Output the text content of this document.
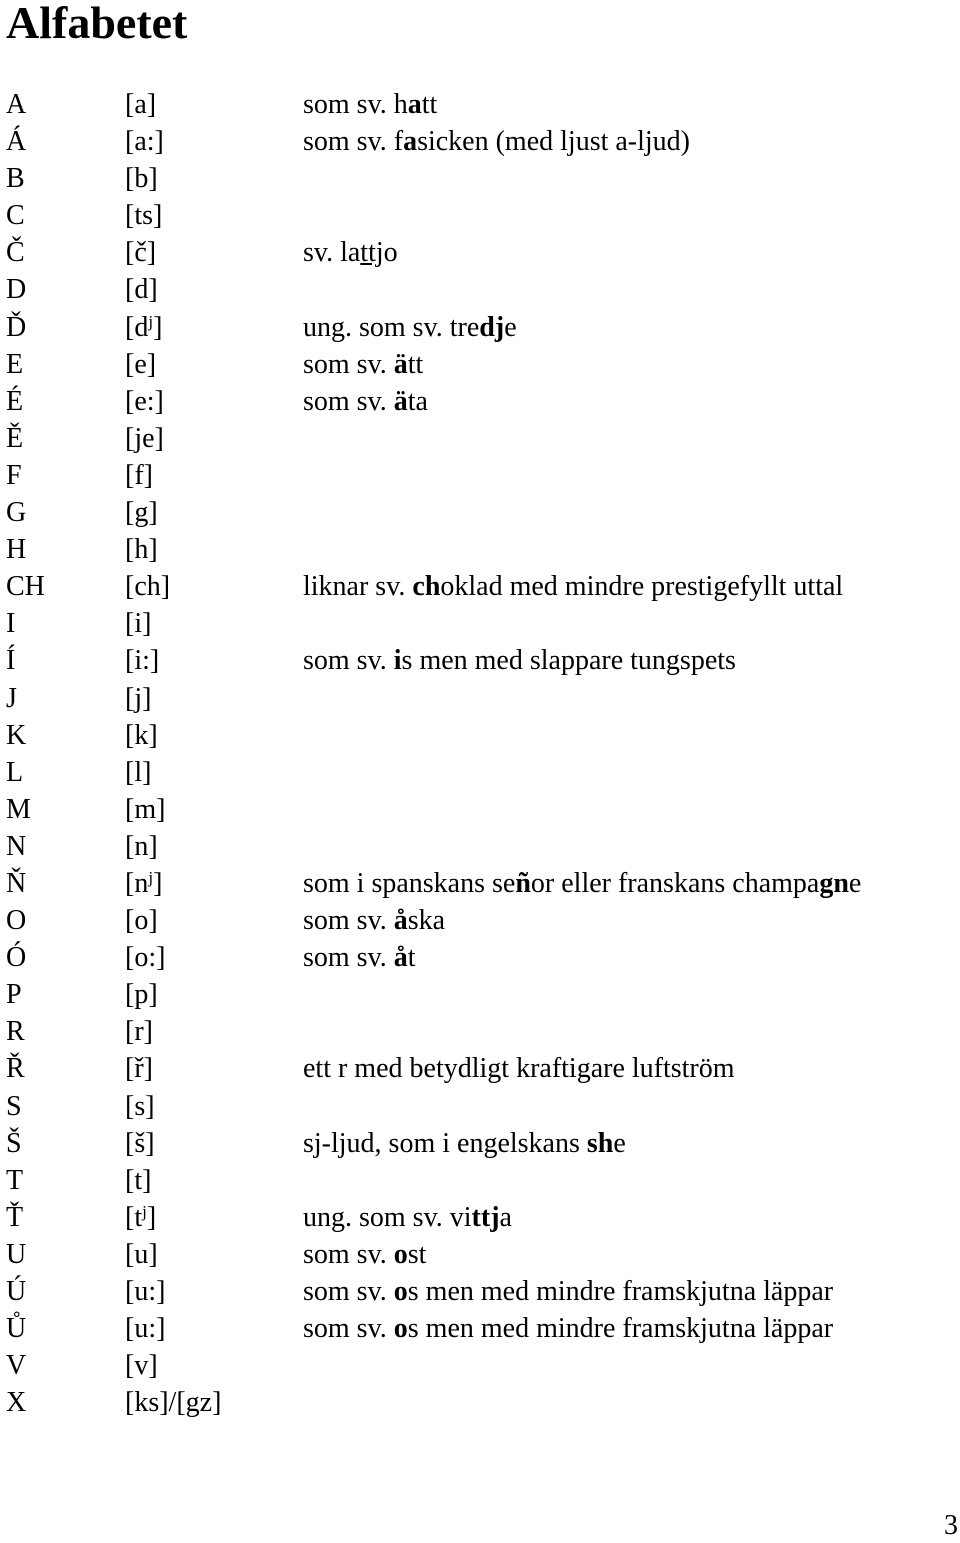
Alfabetet
A	[a]	som sv. hatt
Á	[a:]	som sv. fasicken (med ljust a-ljud)
B	[b]
C	[ts]
Č	[č]	sv. lattjo
D	[d]
Ď	$[d^j]$	ung. som sv. tredje
E	[e]	som sv. ätt
É	[e:]	som sv. äta
Ě	[je]
F	[f]
G	[g]
H	[h]
CH	[ch]	liknar sv. choklad med mindre prestigefyllt uttal
I	[i]
Í	[i:]	som sv. is men med slappare tungspets
J	[j]
K	[k]
L	[l]
M	[m]
N	[n]
Ň	$[n^j]$	som i spanskans señor eller franskans champagne
O	[o]	som sv. åska
Ó	[o:]	som sv. åt
P	[p]
R	[r]
Ř	[ř]	ett r med betydligt kraftigare luftström
S	[s]
Š	[š]	sj-ljud, som i engelskans she
T	[t]
Ť	$[t^j]$	ung. som sv. vittja
U	[u]	som sv. ost
Ú	[u:]	som sv. os men med mindre framskjutna läppar
Ů	[u:]	som sv. os men med mindre framskjutna läppar
V	[v]
X	[ks]/[gz]
3
